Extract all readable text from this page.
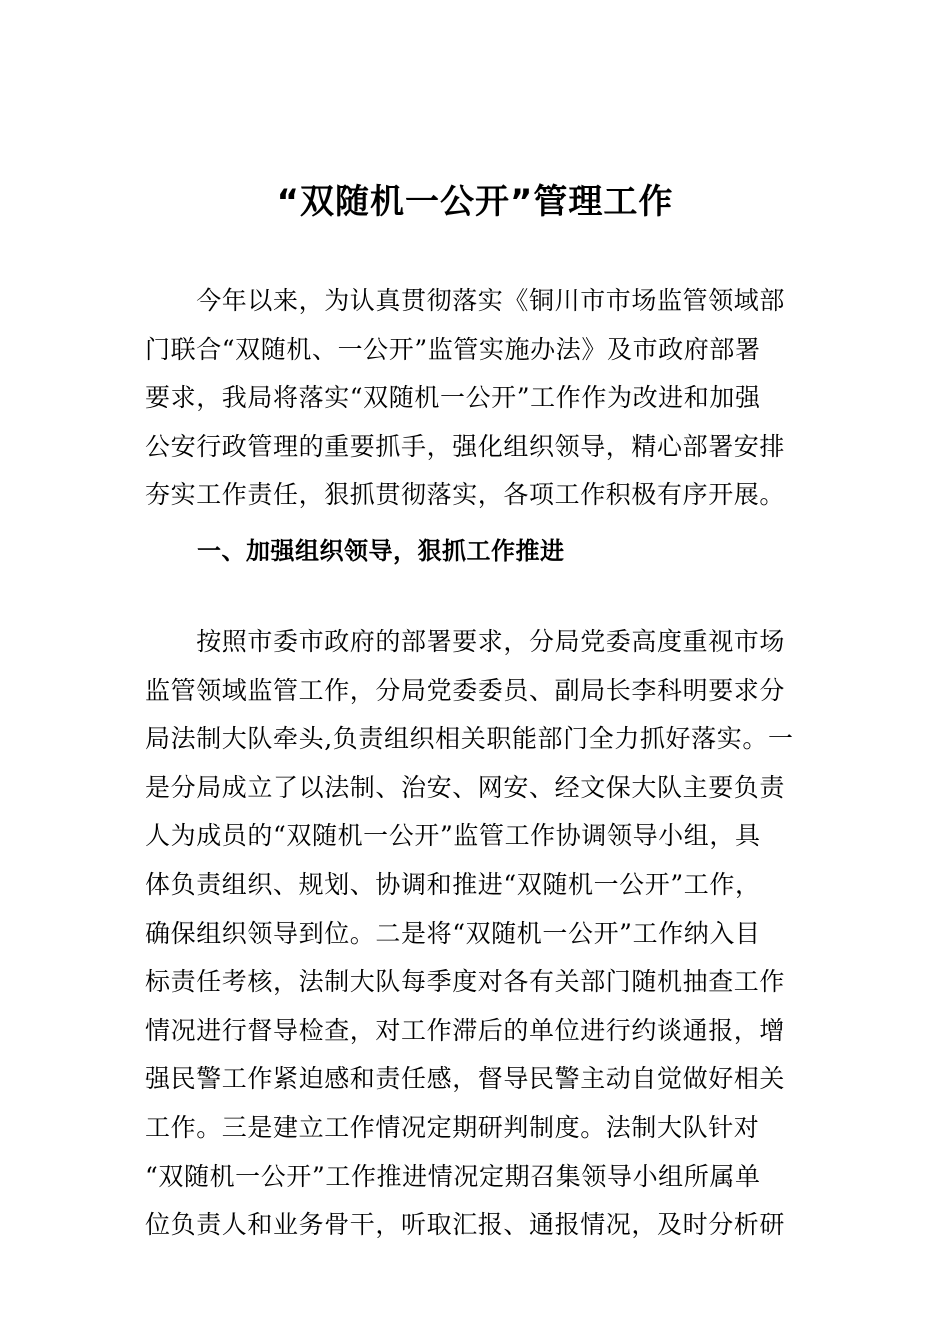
“双随机一公开”管理工作
　　今年以来，为认真贯彻落实《铜川市市场监管领域部
门联合“双随机、一公开”监管实施办法》及市政府部署
要求，我局将落实“双随机一公开”工作作为改进和加强
公安行政管理的重要抓手，强化组织领导，精心部署安排
夯实工作责任，狠抓贯彻落实，各项工作积极有序开展。
一、加强组织领导，狠抓工作推进
　　按照市委市政府的部署要求，分局党委高度重视市场
监管领域监管工作，分局党委委员、副局长李科明要求分
局法制大队牵头,负责组织相关职能部门全力抓好落实。一
是分局成立了以法制、治安、网安、经文保大队主要负责
人为成员的“双随机一公开”监管工作协调领导小组，具
体负责组织、规划、协调和推进“双随机一公开”工作，
确保组织领导到位。二是将“双随机一公开”工作纳入目
标责任考核，法制大队每季度对各有关部门随机抽查工作
情况进行督导检查，对工作滞后的单位进行约谈通报，增
强民警工作紧迫感和责任感，督导民警主动自觉做好相关
工作。三是建立工作情况定期研判制度。法制大队针对
“双随机一公开”工作推进情况定期召集领导小组所属单
位负责人和业务骨干，听取汇报、通报情况，及时分析研
